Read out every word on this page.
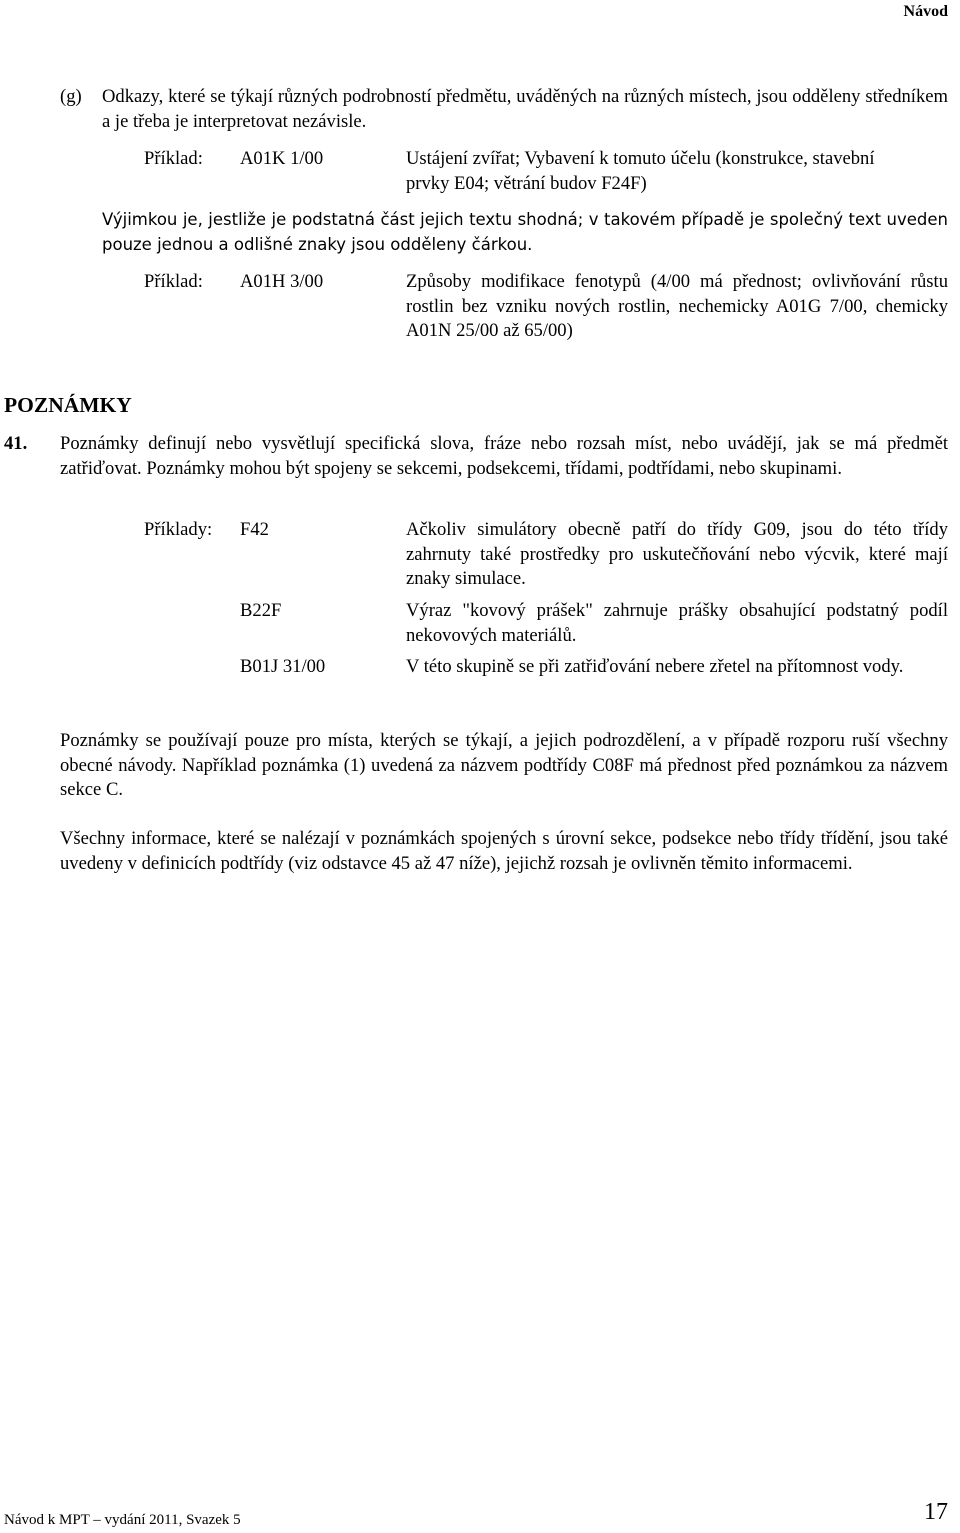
Návod
(g) Odkazy, které se týkají různých podrobností předmětu, uváděných na různých místech, jsou odděleny středníkem a je třeba je interpretovat nezávisle.
Příklad: A01K 1/00	Ustájení zvířat; Vybavení k tomuto účelu (konstrukce, stavební prvky E04; větrání budov F24F)
Výjimkou je, jestliže je podstatná část jejich textu shodná; v takovém případě je společný text uveden pouze jednou a odlišné znaky jsou odděleny čárkou.
Příklad: A01H 3/00	Způsoby modifikace fenotypů (4/00 má přednost; ovlivňování růstu rostlin bez vzniku nových rostlin, nechemicky A01G 7/00, chemicky A01N 25/00 až 65/00)
POZNÁMKY
41. Poznámky definují nebo vysvětlují specifická slova, fráze nebo rozsah míst, nebo uvádějí, jak se má předmět zatřiďovat. Poznámky mohou být spojeny se sekcemi, podsekcemi, třídami, podtřídami, nebo skupinami.
Příklady: F42	Ačkoliv simulátory obecně patří do třídy G09, jsou do této třídy zahrnuty také prostředky pro uskutečňování nebo výcvik, které mají znaky simulace.
B22F	Výraz "kovový prášek" zahrnuje prášky obsahující podstatný podíl nekovových materiálů.
B01J 31/00	V této skupině se při zatřiďování nebere zřetel na přítomnost vody.
Poznámky se používají pouze pro místa, kterých se týkají, a jejich podrozdělení, a v případě rozporu ruší všechny obecné návody. Například poznámka (1) uvedená za názvem podtřídy C08F má přednost před poznámkou za názvem sekce C.
Všechny informace, které se nalézají v poznámkách spojených s úrovní sekce, podsekce nebo třídy třídění, jsou také uvedeny v definicích podtřídy (viz odstavce 45 až 47 níže), jejichž rozsah je ovlivněn těmito informacemi.
Návod k MPT – vydání 2011, Svazek 5	17
